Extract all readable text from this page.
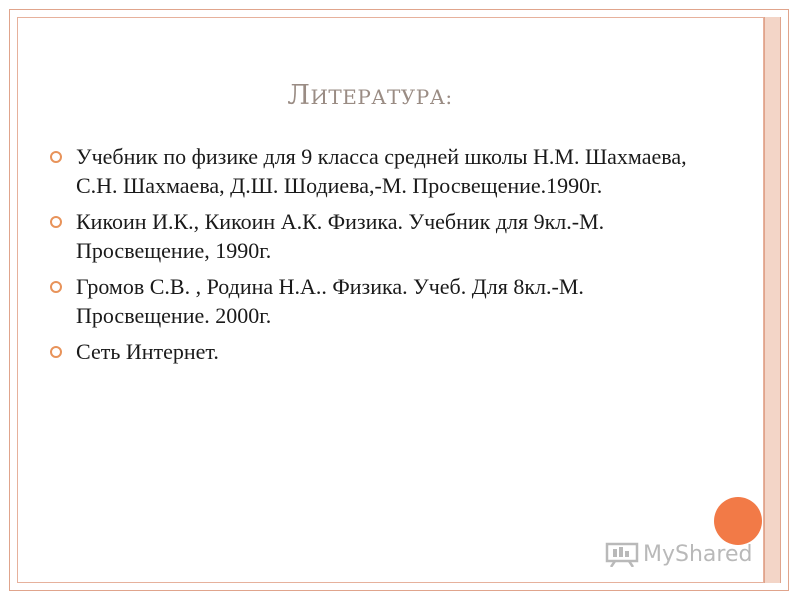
ЛИТЕРАТУРА:
Учебник по физике для 9 класса средней школы Н.М. Шахмаева, С.Н. Шахмаева, Д.Ш. Шодиева,-М. Просвещение.1990г.
Кикоин И.К., Кикоин А.К. Физика. Учебник для 9кл.-М. Просвещение, 1990г.
Громов С.В. , Родина Н.А.. Физика. Учеб. Для 8кл.-М. Просвещение. 2000г.
Сеть Интернет.
MyShared
